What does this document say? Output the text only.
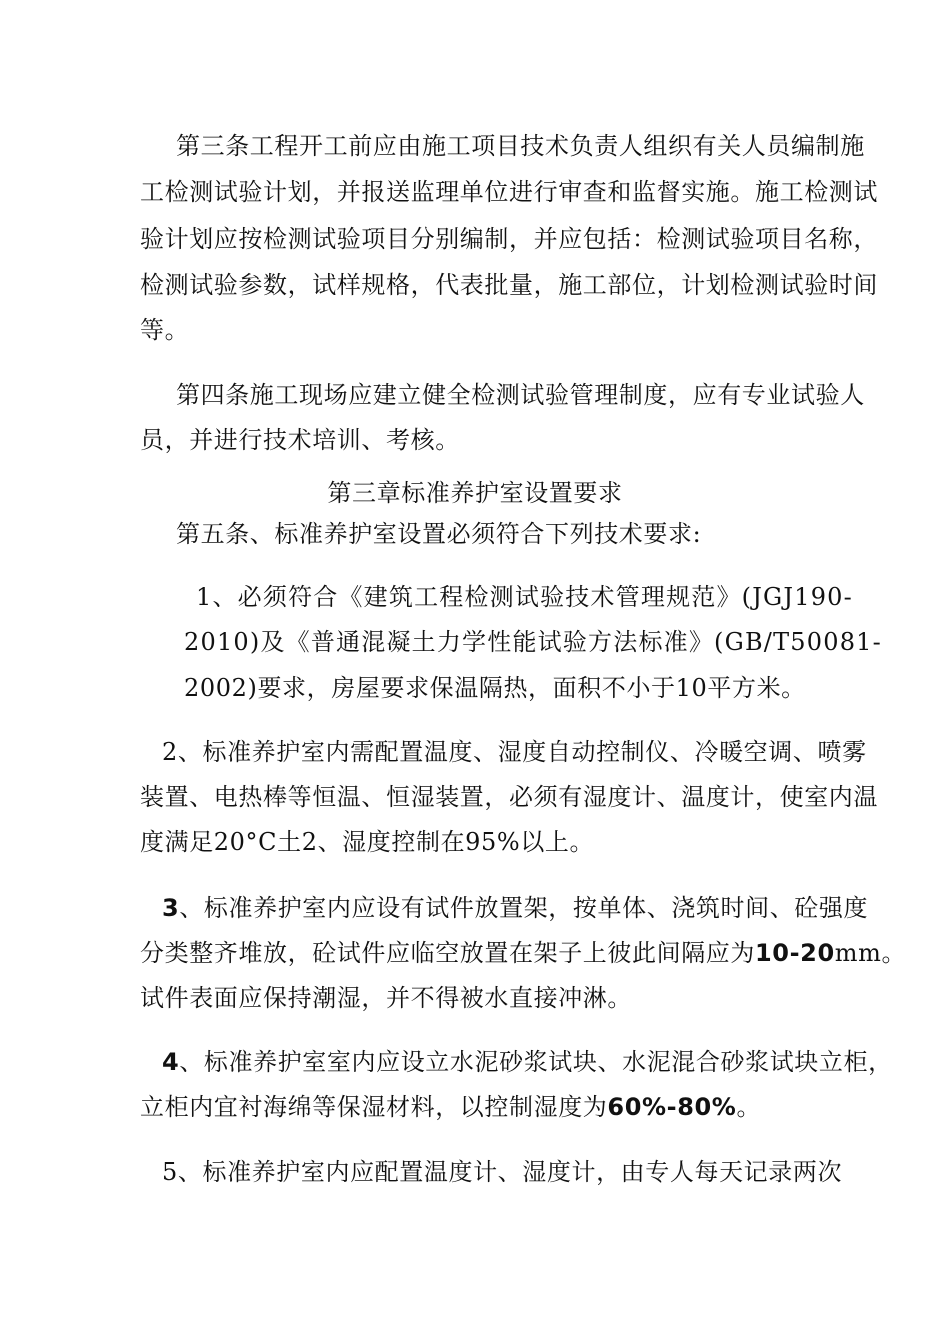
第三条工程开工前应由施工项目技术负责人组织有关人员编制施
工检测试验计划，并报送监理单位进行审查和监督实施。施工检测试
验计划应按检测试验项目分别编制，并应包括：检测试验项目名称，
检测试验参数，试样规格，代表批量，施工部位，计划检测试验时间
等。
第四条施工现场应建立健全检测试验管理制度，应有专业试验人
员，并进行技术培训、考核。
第三章标准养护室设置要求
第五条、标准养护室设置必须符合下列技术要求:
1、必须符合《建筑工程检测试验技术管理规范》(JGJ190-
2010)及《普通混凝土力学性能试验方法标准》(GB/T50081-
2002)要求，房屋要求保温隔热，面积不小于10平方米。
2、标准养护室内需配置温度、湿度自动控制仪、冷暖空调、喷雾
装置、电热棒等恒温、恒湿装置，必须有湿度计、温度计，使室内温
度满足20°C土2、湿度控制在95%以上。
3、标准养护室内应设有试件放置架，按单体、浇筑时间、砼强度
分类整齐堆放，砼试件应临空放置在架子上彼此间隔应为10-20mm。
试件表面应保持潮湿，并不得被水直接冲淋。
4、标准养护室室内应设立水泥砂浆试块、水泥混合砂浆试块立柜，
立柜内宜衬海绵等保湿材料，以控制湿度为60%-80%。
5、标准养护室内应配置温度计、湿度计，由专人每天记录两次
